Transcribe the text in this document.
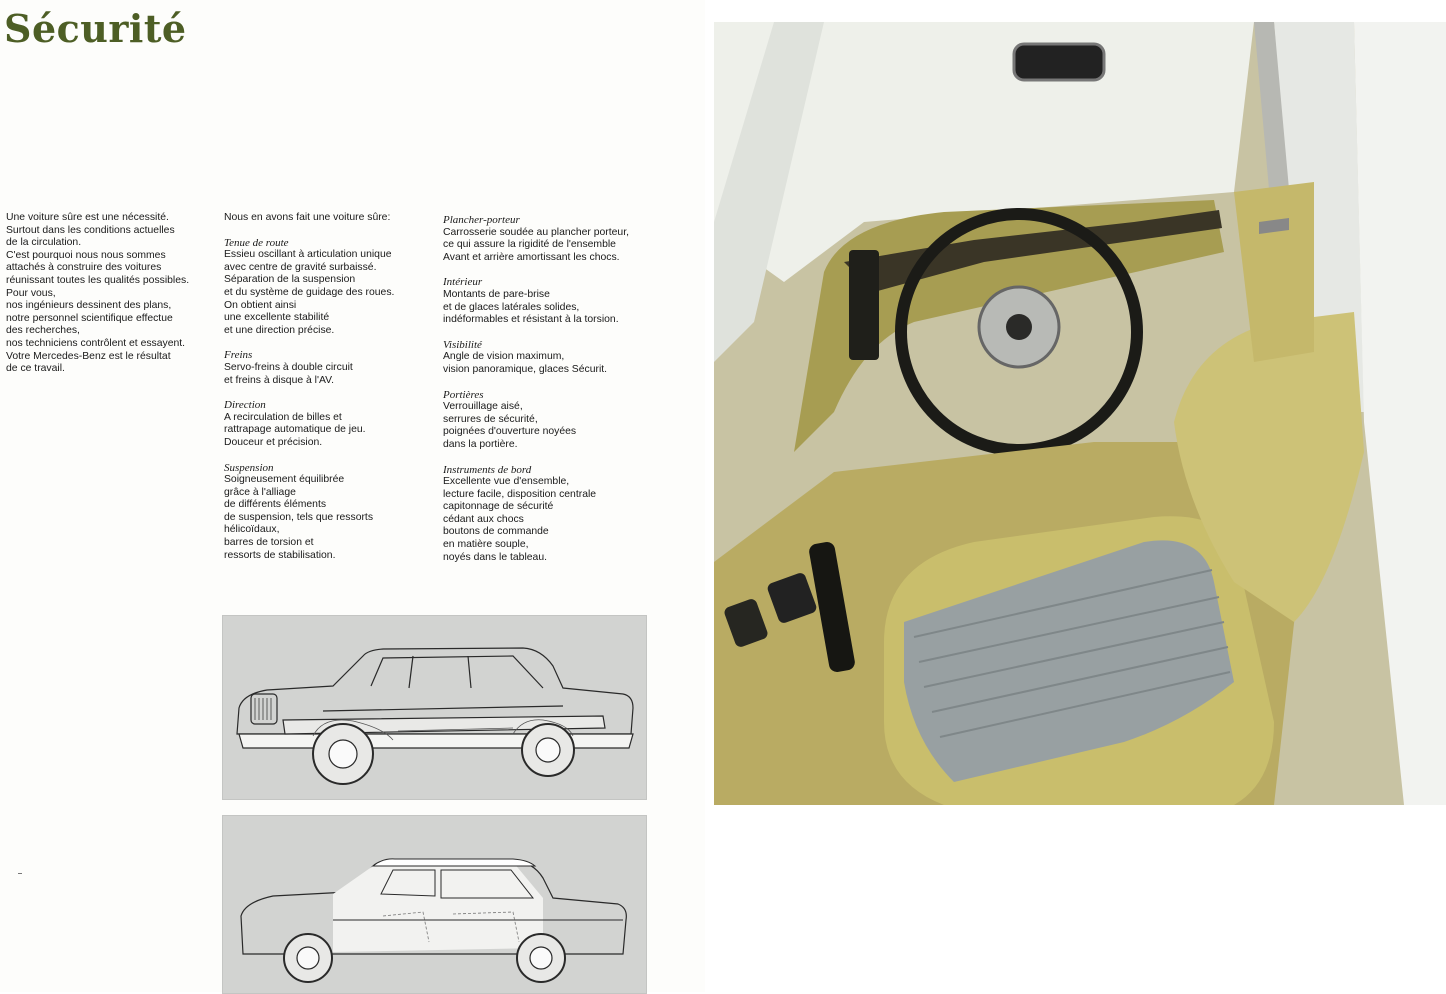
Sécurité

Une voiture sûre est une nécessité.
Surtout dans les conditions actuelles
de la circulation.
C'est pourquoi nous nous sommes
attachés à construire des voitures
réunissant toutes les qualités possibles.
Pour vous,
nos ingénieurs dessinent des plans,
notre personnel scientifique effectue
des recherches,
nos techniciens contrôlent et essayent.
Votre Mercedes-Benz est le résultat
de ce travail.

Nous en avons fait une voiture sûre:

Tenue de route

Essieu oscillant à articulation unique
avec centre de gravité surbaissé.
Séparation de la suspension
et du système de guidage des roues.
On obtient ainsi
une excellente stabilité
et une direction précise.

Freins

Servo-freins à double circuit
et freins à disque à l'AV.

Direction

A recirculation de billes et
rattrapage automatique de jeu.
Douceur et précision.

Suspension

Soigneusement équilibrée
grâce à l'alliage
de différents éléments
de suspension, tels que ressorts
hélicoïdaux,
barres de torsion et
ressorts de stabilisation.

Plancher-porteur

Carrosserie soudée au plancher porteur,
ce qui assure la rigidité de l'ensemble
Avant et arrière amortissant les chocs.

Intérieur

Montants de pare-brise
et de glaces latérales solides,
indéformables et résistant à la torsion.

Visibilité

Angle de vision maximum,
vision panoramique, glaces Sécurit.

Portières

Verrouillage aisé,
serrures de sécurité,
poignées d'ouverture noyées
dans la portière.

Instruments de bord

Excellente vue d'ensemble,
lecture facile, disposition centrale
capitonnage de sécurité
cédant aux chocs
boutons de commande
en matière souple,
noyés dans le tableau.
